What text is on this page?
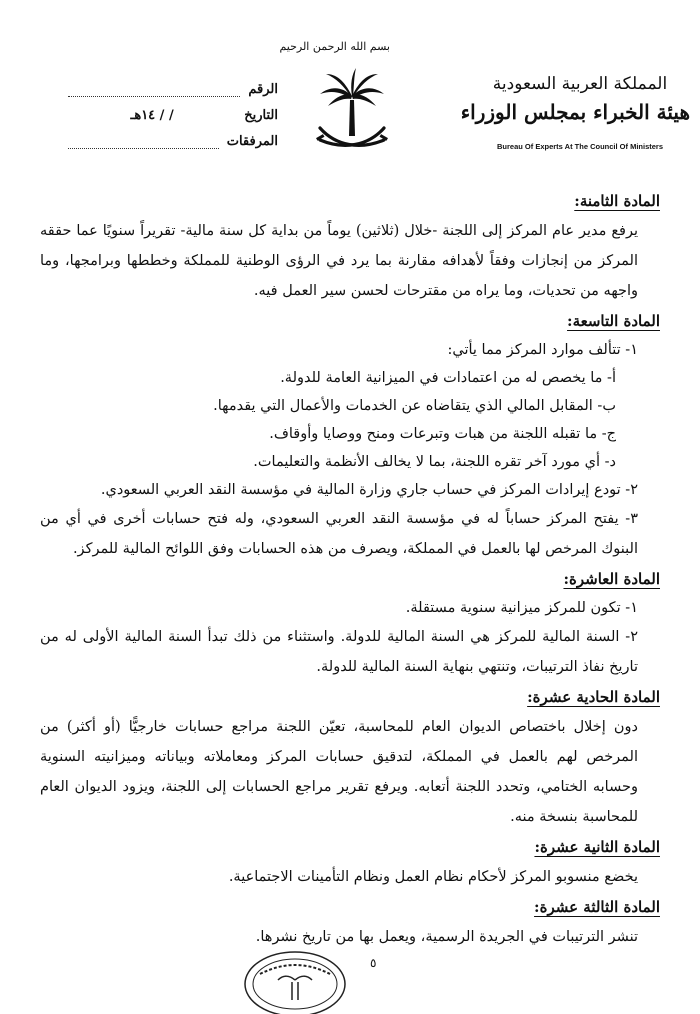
بسم الله الرحمن الرحيم
المملكة العربية السعودية
هيئة الخبراء بمجلس الوزراء
Bureau Of Experts At The Council Of Ministers
الرقم
التاريخ
/ / ١٤هـ
المرفقات

المادة الثامنة:

يرفع مدير عام المركز إلى اللجنة -خلال (ثلاثين) يوماً من بداية كل سنة مالية- تقريراً سنويًا عما حققه المركز من إنجازات وفقاً لأهدافه مقارنة بما يرد في الرؤى الوطنية للمملكة وخططها وبرامجها، وما واجهه من تحديات، وما يراه من مقترحات لحسن سير العمل فيه.

المادة التاسعة:

١- تتألف موارد المركز مما يأتي:

أ- ما يخصص له من اعتمادات في الميزانية العامة للدولة.

ب- المقابل المالي الذي يتقاضاه عن الخدمات والأعمال التي يقدمها.

ج- ما تقبله اللجنة من هبات وتبرعات ومنح ووصايا وأوقاف.

د- أي مورد آخر تقره اللجنة، بما لا يخالف الأنظمة والتعليمات.

٢- تودع إيرادات المركز في حساب جاري وزارة المالية في مؤسسة النقد العربي السعودي.

٣- يفتح المركز حساباً له في مؤسسة النقد العربي السعودي، وله فتح حسابات أخرى في أي من البنوك المرخص لها بالعمل في المملكة، ويصرف من هذه الحسابات وفق اللوائح المالية للمركز.

المادة العاشرة:

١- تكون للمركز ميزانية سنوية مستقلة.

٢- السنة المالية للمركز هي السنة المالية للدولة. واستثناء من ذلك تبدأ السنة المالية الأولى له من تاريخ نفاذ الترتيبات، وتنتهي بنهاية السنة المالية للدولة.

المادة الحادية عشرة:

دون إخلال باختصاص الديوان العام للمحاسبة، تعيّن اللجنة مراجع حسابات خارجيًّا (أو أكثر) من المرخص لهم بالعمل في المملكة، لتدقيق حسابات المركز ومعاملاته وبياناته وميزانيته السنوية وحسابه الختامي، وتحدد اللجنة أتعابه. ويرفع تقرير مراجع الحسابات إلى اللجنة، ويزود الديوان العام للمحاسبة بنسخة منه.

المادة الثانية عشرة:

يخضع منسوبو المركز لأحكام نظام العمل ونظام التأمينات الاجتماعية.

المادة الثالثة عشرة:

تنشر الترتيبات في الجريدة الرسمية، ويعمل بها من تاريخ نشرها.

٥
